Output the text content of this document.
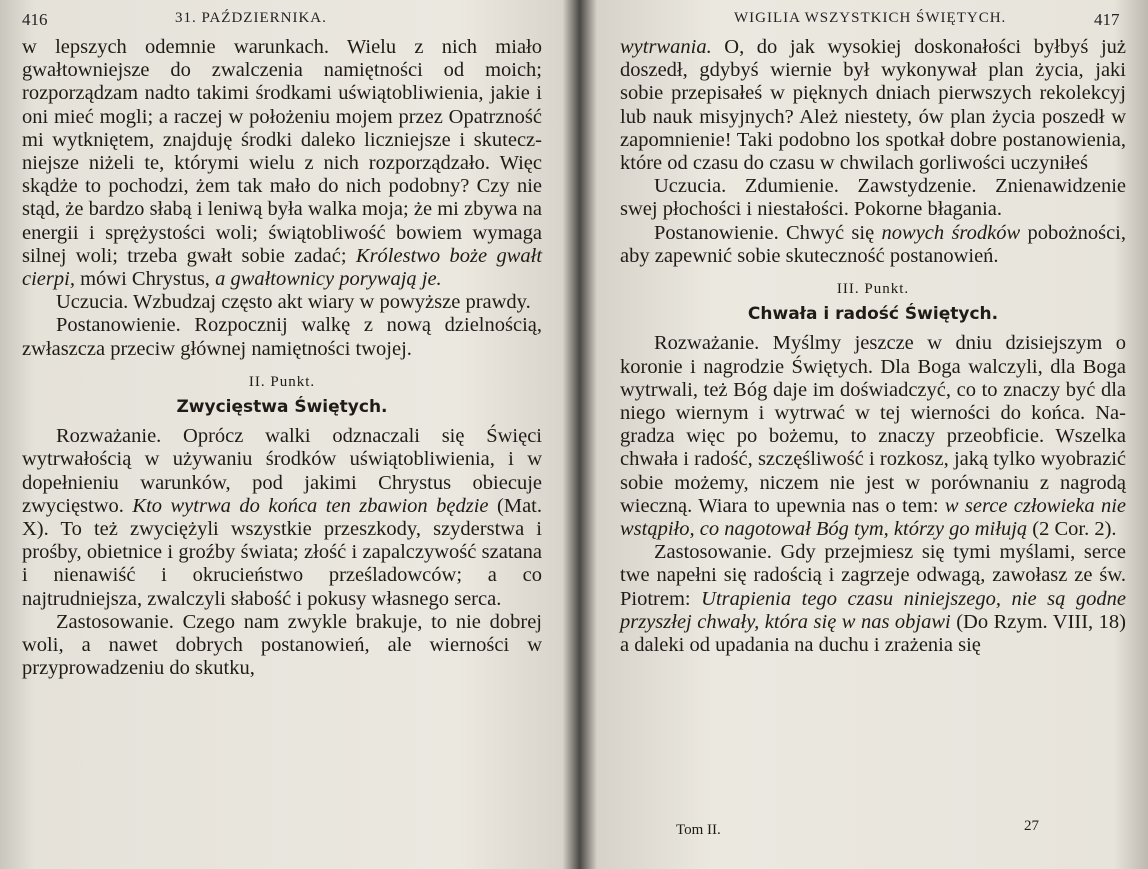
416	31. PAŹDZIERNIKA.

w lepszych odemnie warunkach. Wielu z nich miało gwałtowniejsze do zwalczenia namiętności od moich; rozporządzam nadto takimi środkami uświątobliwienia, jakie i oni mieć mogli; a raczej w położeniu mojem przez Opatrzność mi wytkniętem, znajduję środki daleko liczniejsze i skuteczniejsze niżeli te, którymi wielu z nich rozporządzało. Więc skądże to pochodzi, żem tak mało do nich podobny? Czy nie stąd, że bardzo słabą i leniwą była walka moja; że mi zbywa na energii i sprężystości woli; świątobliwość bowiem wymaga silnej woli; trzeba gwałt sobie zadać; Królestwo boże gwałt cierpi, mówi Chrystus, a gwałtownicy porywają je.

Uczucia. Wzbudzaj często akt wiary w powyższe prawdy.

Postanowienie. Rozpocznij walkę z nową dzielnością, zwłaszcza przeciw głównej namiętności twojej.

II. Punkt.
Zwycięstwa Świętych.

Rozważanie. Oprócz walki odznaczali się Święci wytrwałością w używaniu środków uświątobliwienia, i w dopełnieniu warunków, pod jakimi Chrystus obiecuje zwycięstwo. Kto wytrwa do końca ten zbawion będzie (Mat. X). To też zwyciężyli wszystkie przeszkody, szyderstwa i prośby, obietnice i groźby świata; złość i zapalczywość szatana i nienawiść i okrucieństwo prześladowców; a co najtrudniejsza, zwalczyli słabość i pokusy własnego serca.

Zastosowanie. Czego nam zwykle brakuje, to nie dobrej woli, a nawet dobrych postanowień, ale wierności w przyprowadzeniu do skutku,

WIGILIA WSZYSTKICH ŚWIĘTYCH.	417

wytrwania. O, do jak wysokiej doskonałości byłbyś już doszedł, gdybyś wiernie był wykonywał plan życia, jaki sobie przepisałeś w pięknych dniach pierwszych rekolekcyj lub nauk misyjnych? Ależ niestety, ów plan życia poszedł w zapomnienie! Taki podobno los spotkał dobre postanowienia, które od czasu do czasu w chwilach gorliwości uczyniłeś

Uczucia. Zdumienie. Zawstydzenie. Znienawidzenie swej płochości i niestałości. Pokorne błagania.

Postanowienie. Chwyć się nowych środków pobożności, aby zapewnić sobie skuteczność postanowień.

III. Punkt.
Chwała i radość Świętych.

Rozważanie. Myślmy jeszcze w dniu dzisiejszym o koronie i nagrodzie Świętych. Dla Boga walczyli, dla Boga wytrwali, też Bóg daje im doświadczyć, co to znaczy być dla niego wiernym i wytrwać w tej wierności do końca. Nagradza więc po bożemu, to znaczy przeobficie. Wszelka chwała i radość, szczęśliwość i rozkosz, jaką tylko wyobrazić sobie możemy, niczem nie jest w porównaniu z nagrodą wieczną. Wiara to upewnia nas o tem: w serce człowieka nie wstąpiło, co nagotował Bóg tym, którzy go miłują (2 Cor. 2).

Zastosowanie. Gdy przejmiesz się tymi myślami, serce twe napełni się radością i zagrzeje odwagą, zawołasz ze św. Piotrem: Utrapienia tego czasu niniejszego, nie są godne przyszłej chwały, która się w nas objawi (Do Rzym. VIII, 18) a daleki od upadania na duchu i zrażenia się

Tom II.	27
